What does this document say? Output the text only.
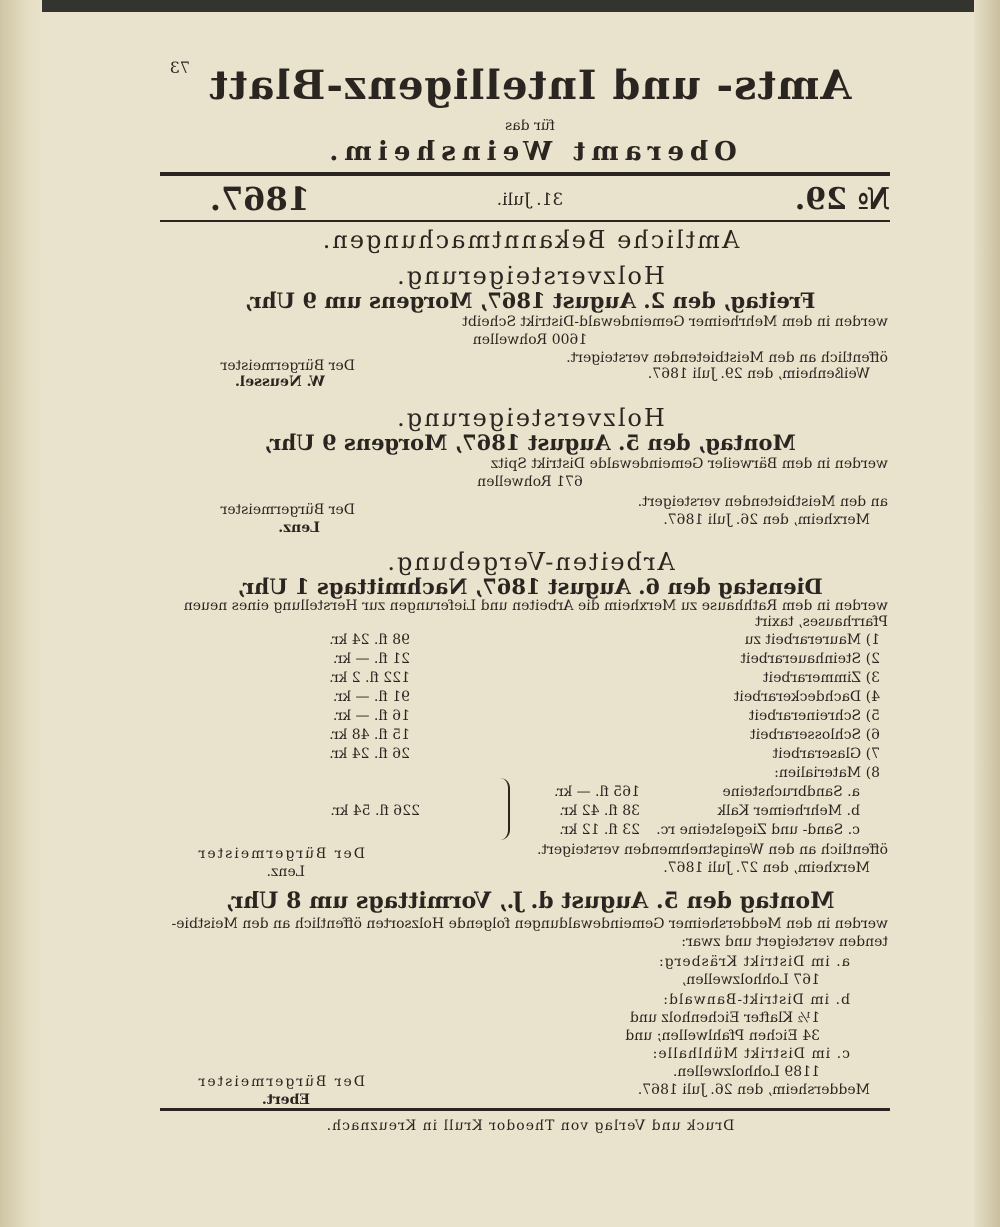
73 Amts- und Intelligenz-Blatt
für das
Oberamt Weinsheim.
№ 29.
31. Juli.
1867.
Amtliche Bekanntmachungen.
Holzversteigerung.
Freitag, den 2. August 1867, Morgens um 9 Uhr,
werden in dem Mehrheimer Gemeindewald-Distrikt Scheibt
1600 Rohwellen
öffentlich an den Meistbietenden versteigert.
Weißenheim, den 29. Juli 1867.
Der Bürgermeister
W. Neussel.
Holzversteigerung.
Montag, den 5. August 1867, Morgens 9 Uhr,
werden in dem Bärweiler Gemeindewalde Distrikt Spitz
671 Rohwellen
an den Meistbietenden versteigert.
Merxheim, den 26. Juli 1867.
Der Bürgermeister
Lenz.
Arbeiten-Vergebung.
Dienstag den 6. August 1867, Nachmittags 1 Uhr,
werden in dem Rathhause zu Merxheim die Arbeiten und Lieferungen zur Herstellung eines neuen
Pfarrhauses, taxirt
1) Maurerarbeit zu
98 fl. 24 kr.
2) Steinhauerarbeit
21 fl. — kr.
3) Zimmerarbeit
122 fl. 2 kr.
4) Dachdeckerarbeit
91 fl. — kr.
5) Schreinerarbeit
16 fl. — kr.
6) Schlosserarbeit
15 fl. 48 kr.
7) Glaserarbeit
26 fl. 24 kr.
8) Materialien:
a. Sandbruchsteine
165 fl. — kr.
b. Mehrheimer Kalk
38 fl. 42 kr.
c. Sand- und Ziegelsteine rc.
23 fl. 12 kr.
226 fl. 54 kr.
öffentlich an den Wenigstnehmenden versteigert.
Merxheim, den 27. Juli 1867.
Der Bürgermeister
Lenz.
Montag den 5. August d. J., Vormittags um 8 Uhr,
werden in den Meddersheimer Gemeindewaldungen folgende Holzsorten öffentlich an den Meistbie-
tenden versteigert und zwar:
a. im Distrikt Kräsberg:
167 Lohholzwellen,
b. im Distrikt-Banwald:
1½ Klafter Eichenholz und
34 Eichen Pfahlwellen; und
c. im Distrikt Mühlhalle:
1189 Lohholzwellen.
Meddersheim, den 26. Juli 1867.
Der Bürgermeister
Ebert.
Druck und Verlag von Theodor Krull in Kreuznach.
